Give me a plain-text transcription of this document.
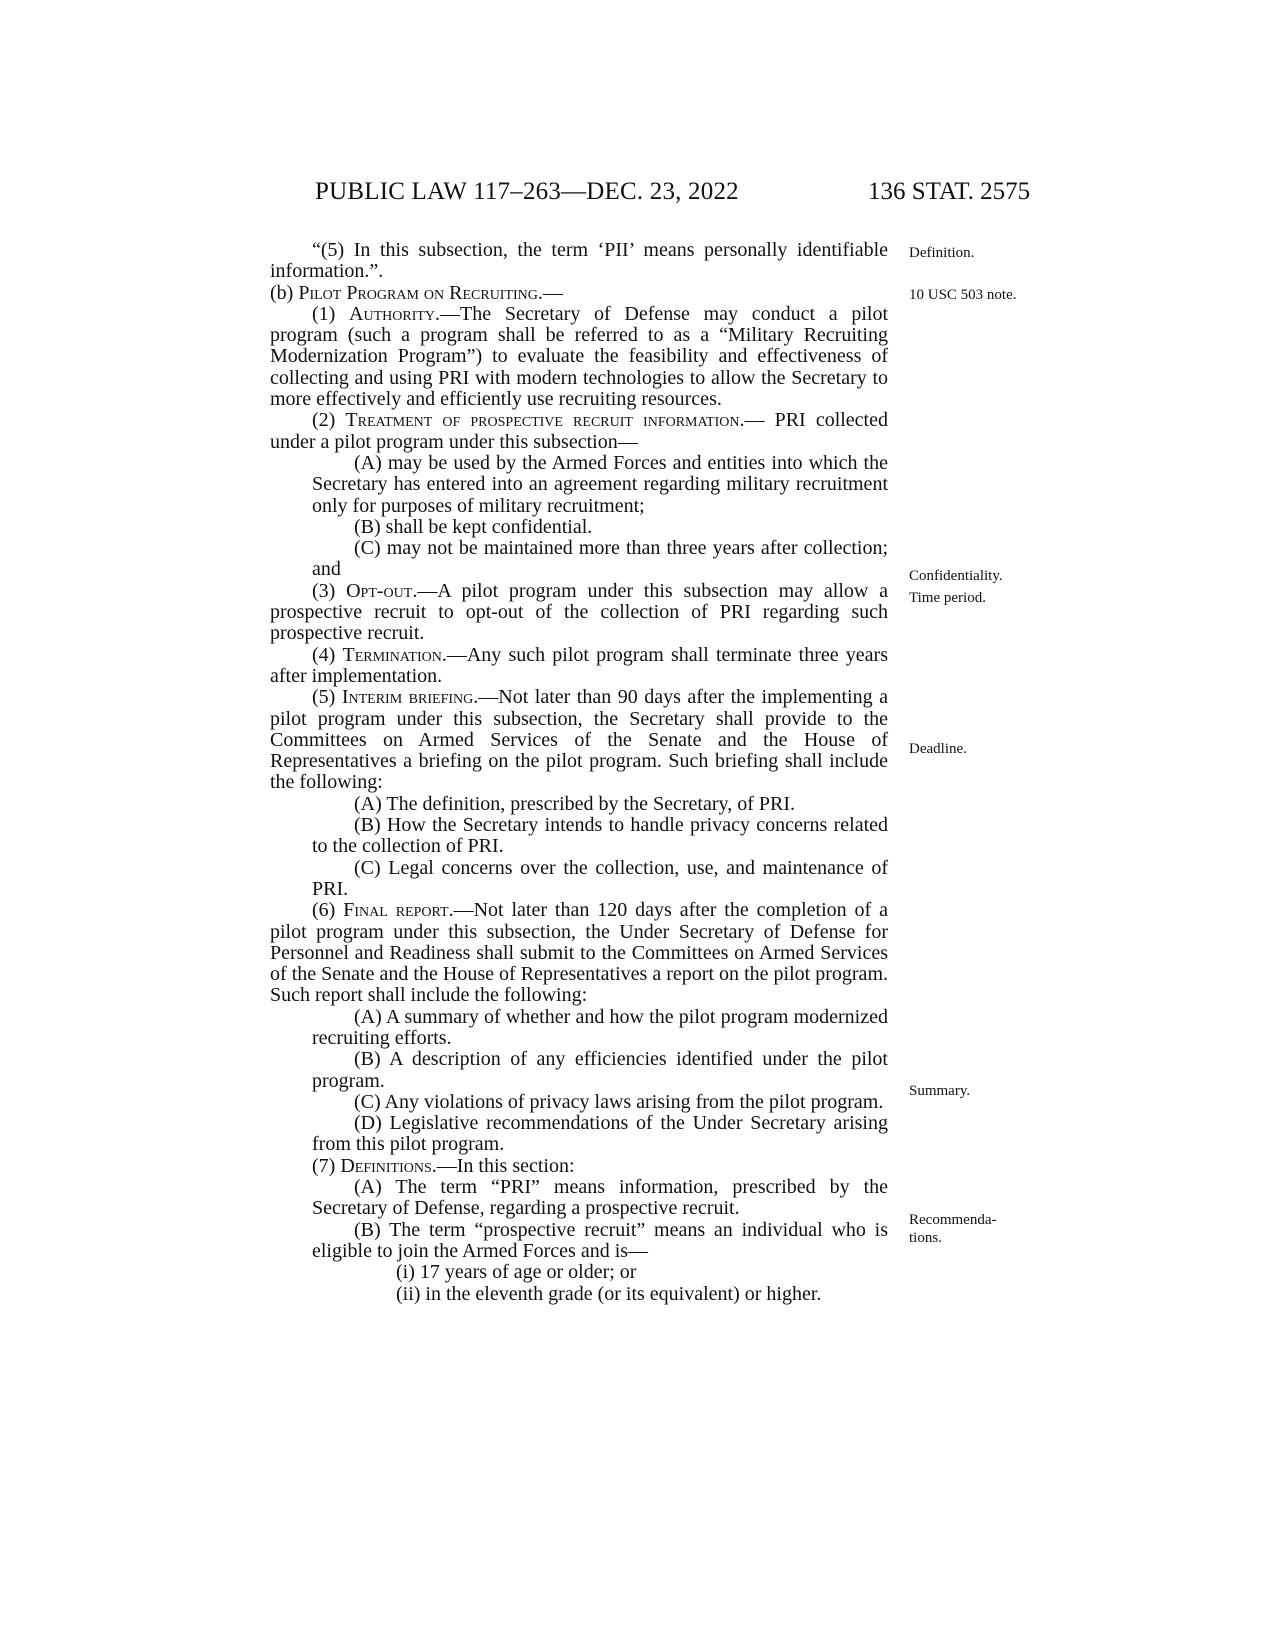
PUBLIC LAW 117–263—DEC. 23, 2022	136 STAT. 2575
Definition.
10 USC 503 note.
Confidentiality.
Time period.
Deadline.
Summary.
Recommenda-
tions.

“(5) In this subsection, the term ‘PII’ means personally identifiable information.”.

(b) Pilot Program on Recruiting.—

(1) Authority.—The Secretary of Defense may conduct a pilot program (such a program shall be referred to as a “Military Recruiting Modernization Program”) to evaluate the feasibility and effectiveness of collecting and using PRI with modern technologies to allow the Secretary to more effectively and efficiently use recruiting resources.

(2) Treatment of prospective recruit information.— PRI collected under a pilot program under this subsection—

(A) may be used by the Armed Forces and entities into which the Secretary has entered into an agreement regarding military recruitment only for purposes of military recruitment;

(B) shall be kept confidential.

(C) may not be maintained more than three years after collection; and

(3) Opt-out.—A pilot program under this subsection may allow a prospective recruit to opt-out of the collection of PRI regarding such prospective recruit.

(4) Termination.—Any such pilot program shall terminate three years after implementation.

(5) Interim briefing.—Not later than 90 days after the implementing a pilot program under this subsection, the Secretary shall provide to the Committees on Armed Services of the Senate and the House of Representatives a briefing on the pilot program. Such briefing shall include the following:

(A) The definition, prescribed by the Secretary, of PRI.

(B) How the Secretary intends to handle privacy concerns related to the collection of PRI.

(C) Legal concerns over the collection, use, and maintenance of PRI.

(6) Final report.—Not later than 120 days after the completion of a pilot program under this subsection, the Under Secretary of Defense for Personnel and Readiness shall submit to the Committees on Armed Services of the Senate and the House of Representatives a report on the pilot program. Such report shall include the following:

(A) A summary of whether and how the pilot program modernized recruiting efforts.

(B) A description of any efficiencies identified under the pilot program.

(C) Any violations of privacy laws arising from the pilot program.

(D) Legislative recommendations of the Under Secretary arising from this pilot program.

(7) Definitions.—In this section:

(A) The term “PRI” means information, prescribed by the Secretary of Defense, regarding a prospective recruit.

(B) The term “prospective recruit” means an individual who is eligible to join the Armed Forces and is—

(i) 17 years of age or older; or

(ii) in the eleventh grade (or its equivalent) or higher.
